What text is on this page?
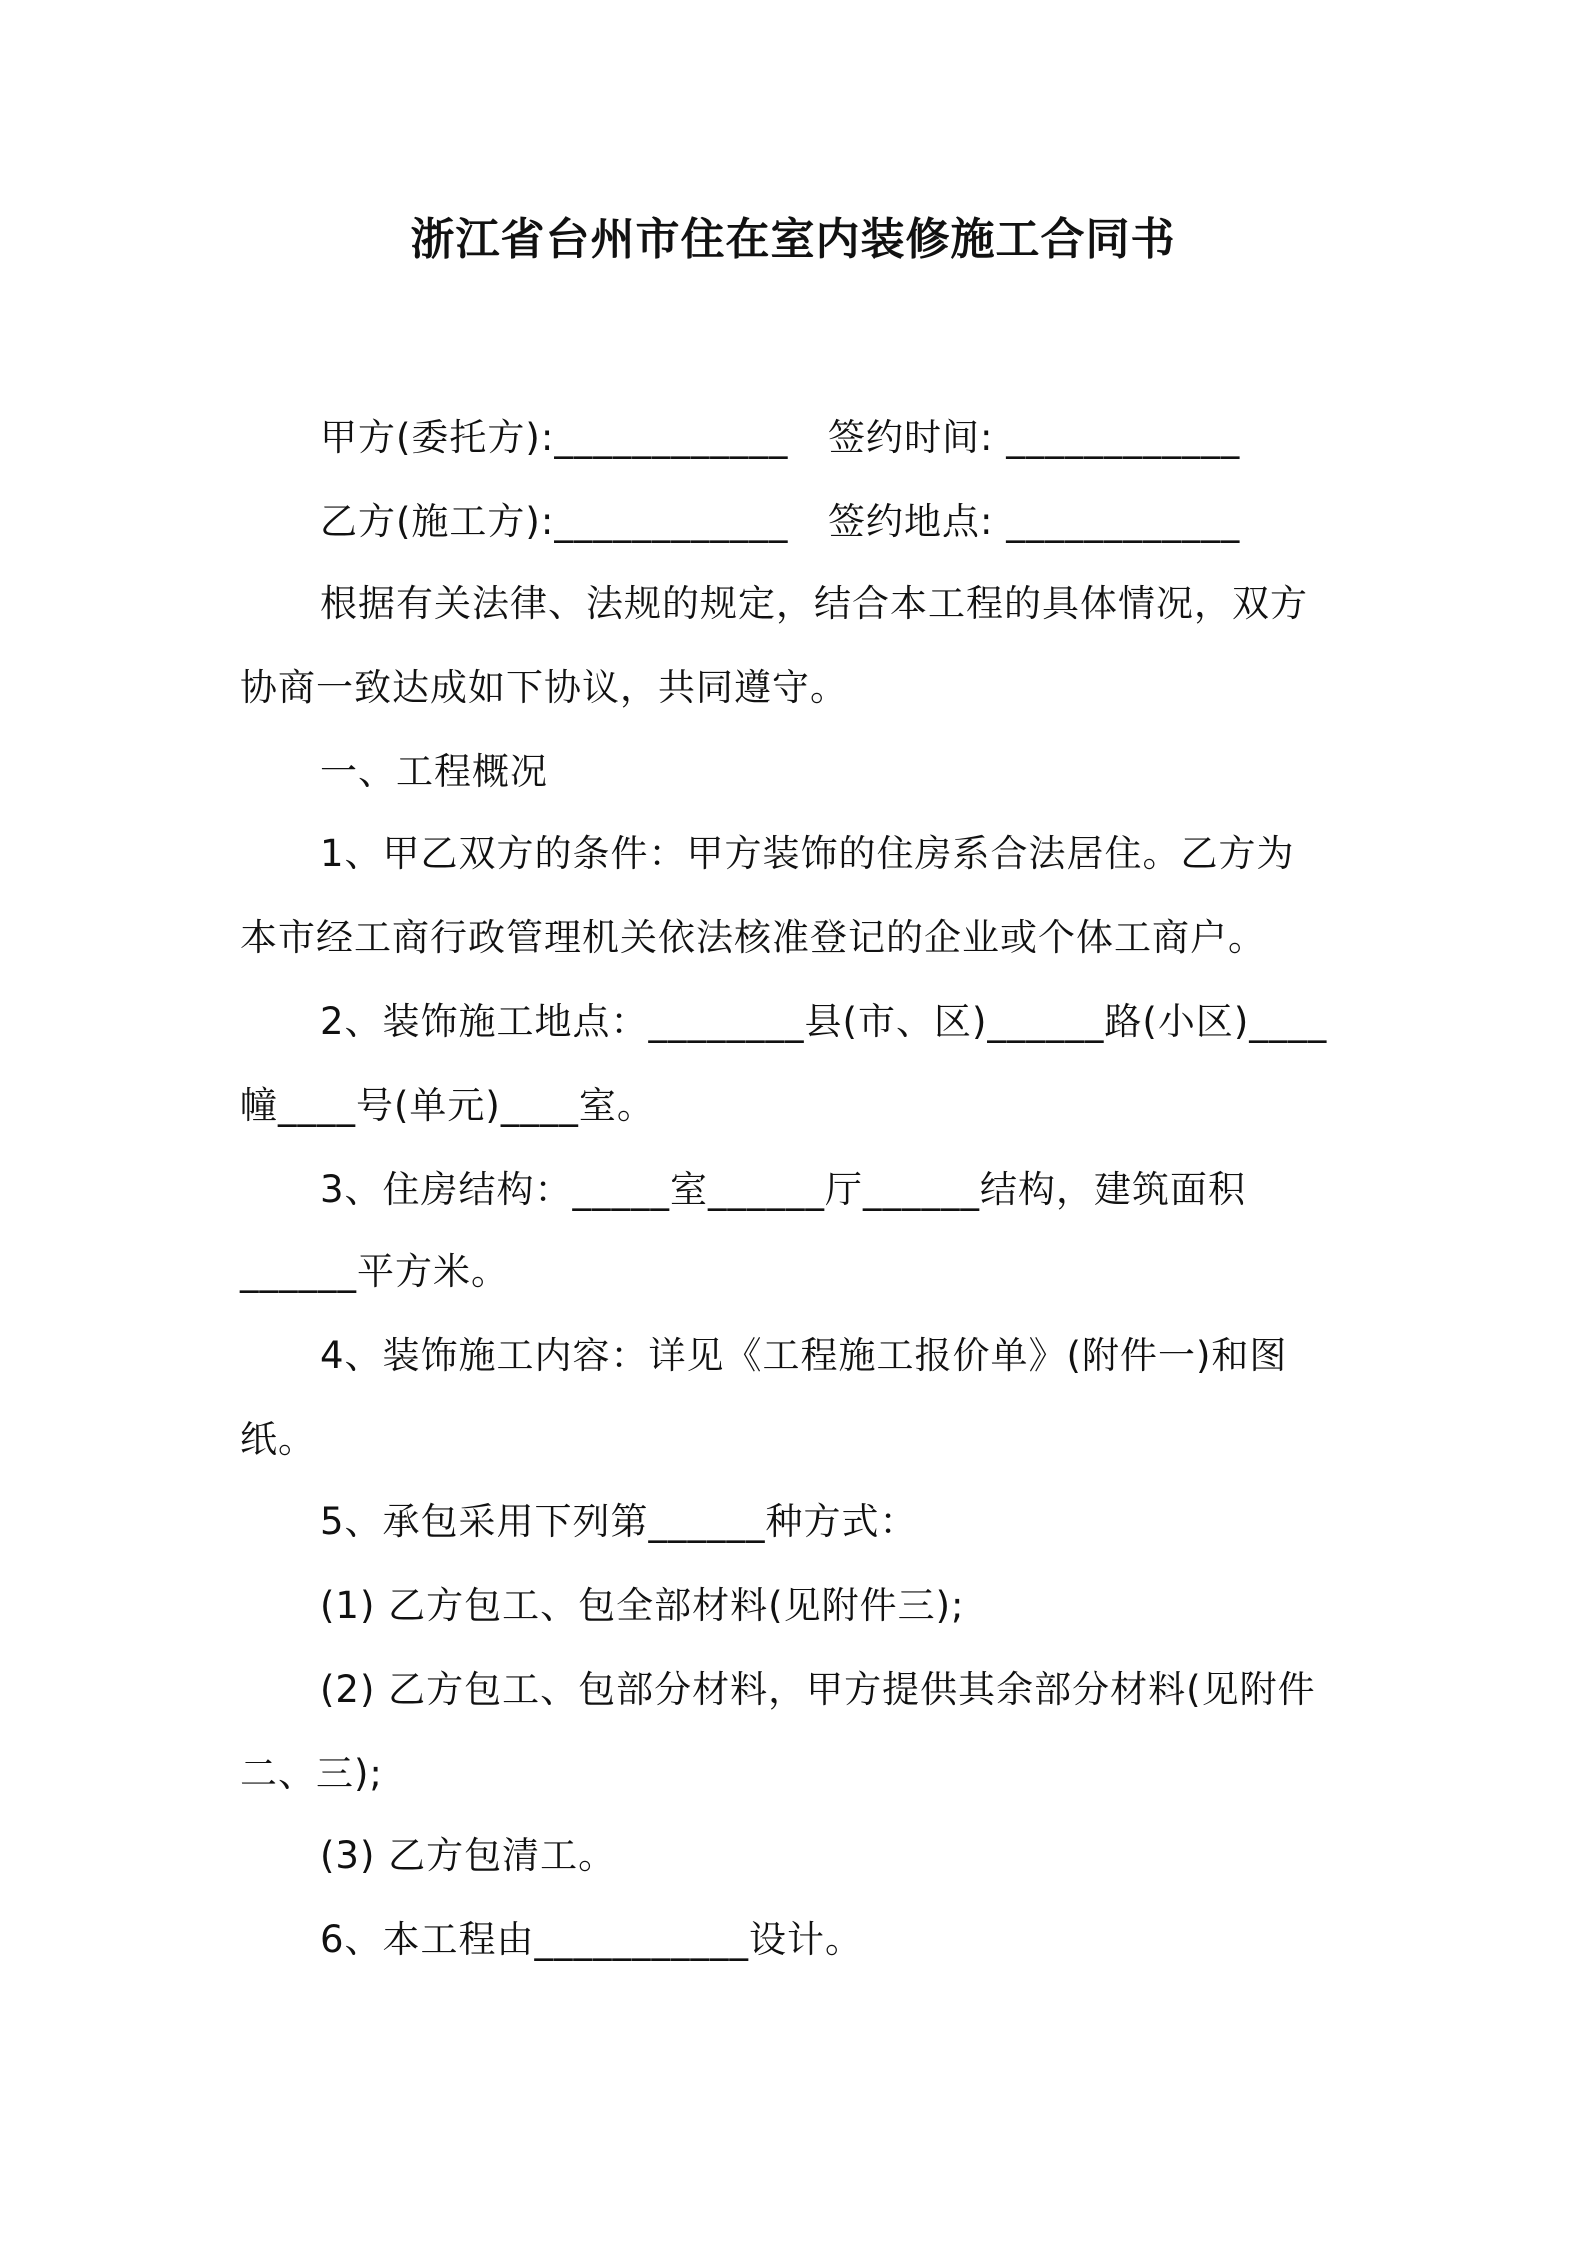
浙江省台州市住在室内装修施工合同书
甲方(委托方):____________	签约时间: ____________
乙方(施工方):____________	签约地点: ____________
根据有关法律、法规的规定，结合本工程的具体情况，双方
协商一致达成如下协议，共同遵守。
一、工程概况
1、甲乙双方的条件：甲方装饰的住房系合法居住。乙方为
本市经工商行政管理机关依法核准登记的企业或个体工商户。
2、装饰施工地点：________县(市、区)______路(小区)____
幢____号(单元)____室。
3、住房结构：_____室______厅______结构，建筑面积
______平方米。
4、装饰施工内容：详见《工程施工报价单》(附件一)和图
纸。
5、承包采用下列第______种方式：
(1) 乙方包工、包全部材料(见附件三);
(2) 乙方包工、包部分材料，甲方提供其余部分材料(见附件
二、三);
(3) 乙方包清工。
6、本工程由___________设计。
